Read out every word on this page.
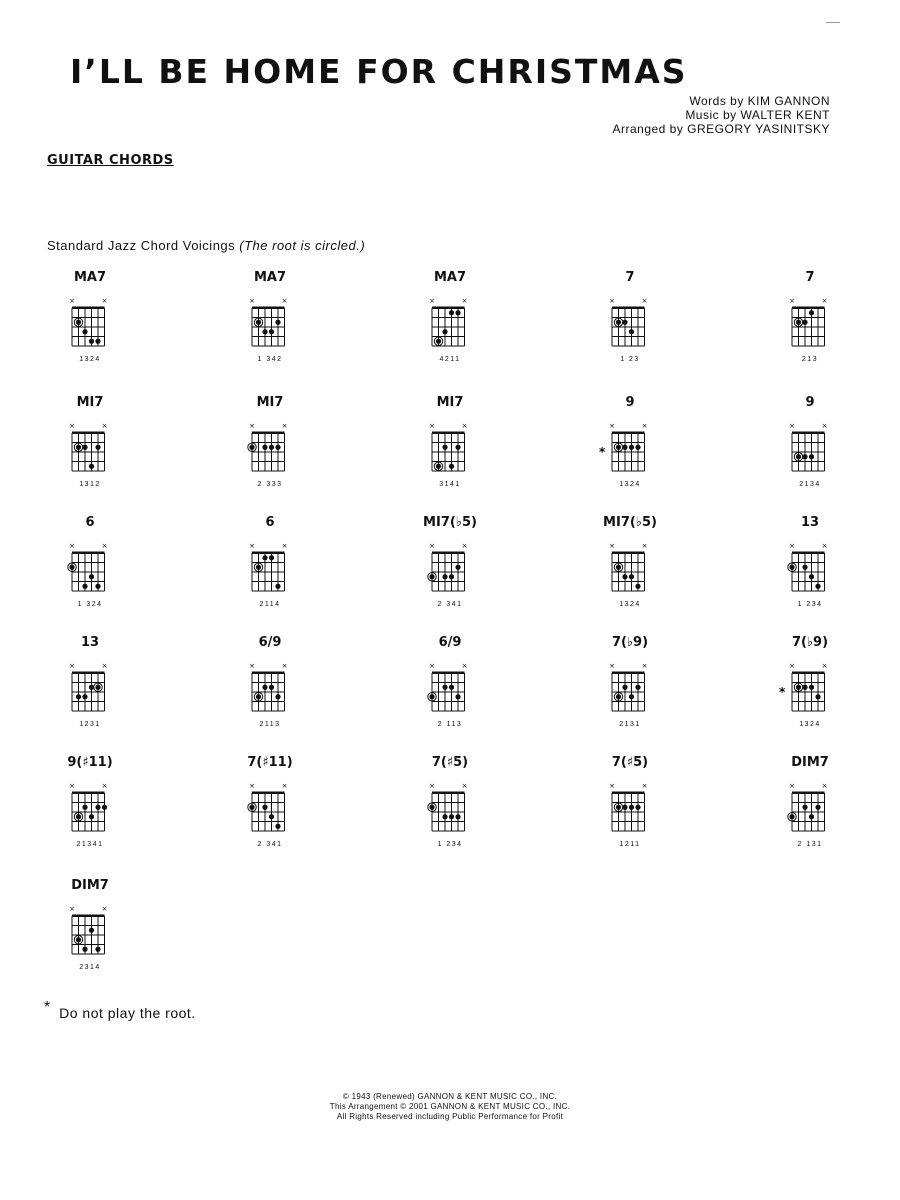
I’LL BE HOME FOR CHRISTMAS
Words by KIM GANNON
Music by WALTER KENT
Arranged by GREGORY YASINITSKY
GUITAR CHORDS
Standard Jazz Chord Voicings (The root is circled.)
MA7
×	×
1324
MA7
×	×
1 342
MA7
×	×
4211
7
×	×
1 23
7
×	×
213
MI7
×	×
1312
MI7
×	×
2 333
MI7
×	×
3141
9
×	×
*
1324
9
×	×
2134
6
×	×
1 324
6
×	×
2114
MI7(♭5)
×	×
2 341
MI7(♭5)
×	×
1324
13
×	×
1 234
13
×	×
1231
6/9
×	×
2113
6/9
×	×
2 113
7(♭9)
×	×
2131
7(♭9)
×	×
*
1324
9(♯11)
×	×
21341
7(♯11)
×	×
2 341
7(♯5)
×	×
1 234
7(♯5)
×	×
1211
DIM7
×	×
2 131
DIM7
×	×
2314
* Do not play the root.
© 1943 (Renewed) GANNON & KENT MUSIC CO., INC.
This Arrangement © 2001 GANNON & KENT MUSIC CO., INC.
All Rights Reserved including Public Performance for Profit
